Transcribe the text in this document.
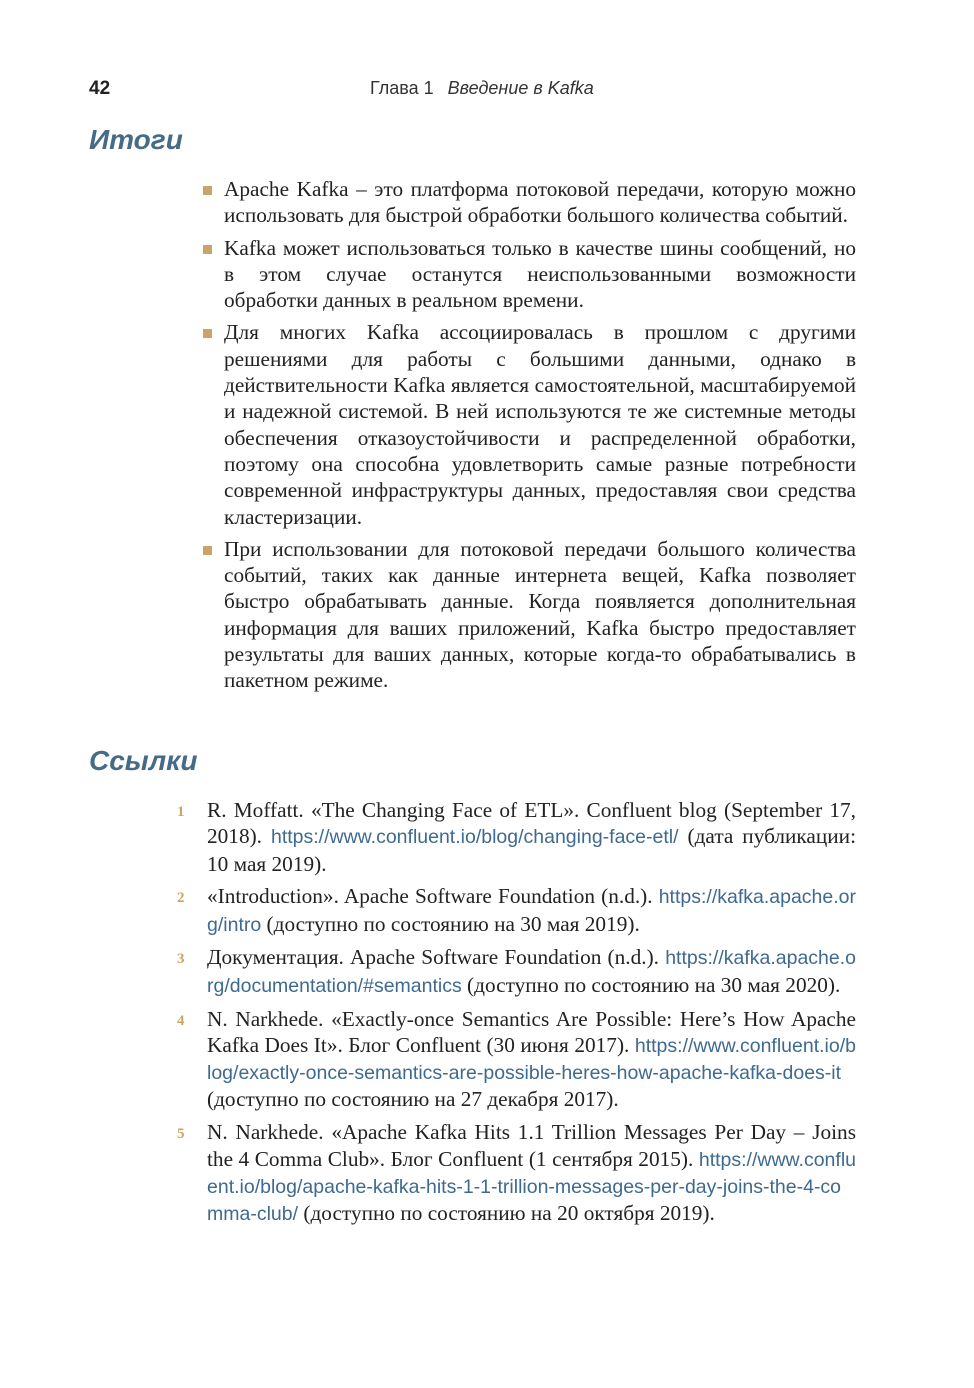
42	Глава 1 Введение в Kafka
Итоги
Apache Kafka – это платформа потоковой передачи, которую можно использовать для быстрой обработки большого количества событий.
Kafka может использоваться только в качестве шины сообщений, но в этом случае останутся неиспользованными возможности обработки данных в реальном времени.
Для многих Kafka ассоциировалась в прошлом с другими решениями для работы с большими данными, однако в действительности Kafka является самостоятельной, масштабируемой и надежной системой. В ней используются те же системные методы обеспечения отказоустойчивости и распределенной обработки, поэтому она способна удовлетворить самые разные потребности современной инфраструктуры данных, предоставляя свои средства кластеризации.
При использовании для потоковой передачи большого количества событий, таких как данные интернета вещей, Kafka позволяет быстро обрабатывать данные. Когда появляется дополнительная информация для ваших приложений, Kafka быстро предоставляет результаты для ваших данных, которые когда-то обрабатывались в пакетном режиме.
Ссылки
1 R. Moffatt. «The Changing Face of ETL». Confluent blog (September 17, 2018). https://www.confluent.io/blog/changing-face-etl/ (дата публикации: 10 мая 2019).
2 «Introduction». Apache Software Foundation (n.d.). https://kafka.apache.org/intro (доступно по состоянию на 30 мая 2019).
3 Документация. Apache Software Foundation (n.d.). https://kafka.apache.org/documentation/#semantics (доступно по состоянию на 30 мая 2020).
4 N. Narkhede. «Exactly-once Semantics Are Possible: Here’s How Apache Kafka Does It». Блог Confluent (30 июня 2017). https://www.confluent.io/blog/exactly-once-semantics-are-possible-heres-how-apache-kafka-does-it (доступно по состоянию на 27 декабря 2017).
5 N. Narkhede. «Apache Kafka Hits 1.1 Trillion Messages Per Day – Joins the 4 Comma Club». Блог Confluent (1 сентября 2015). https://www.confluent.io/blog/apache-kafka-hits-1-1-trillion-messages-per-day-joins-the-4-comma-club/ (доступно по состоянию на 20 октября 2019).
